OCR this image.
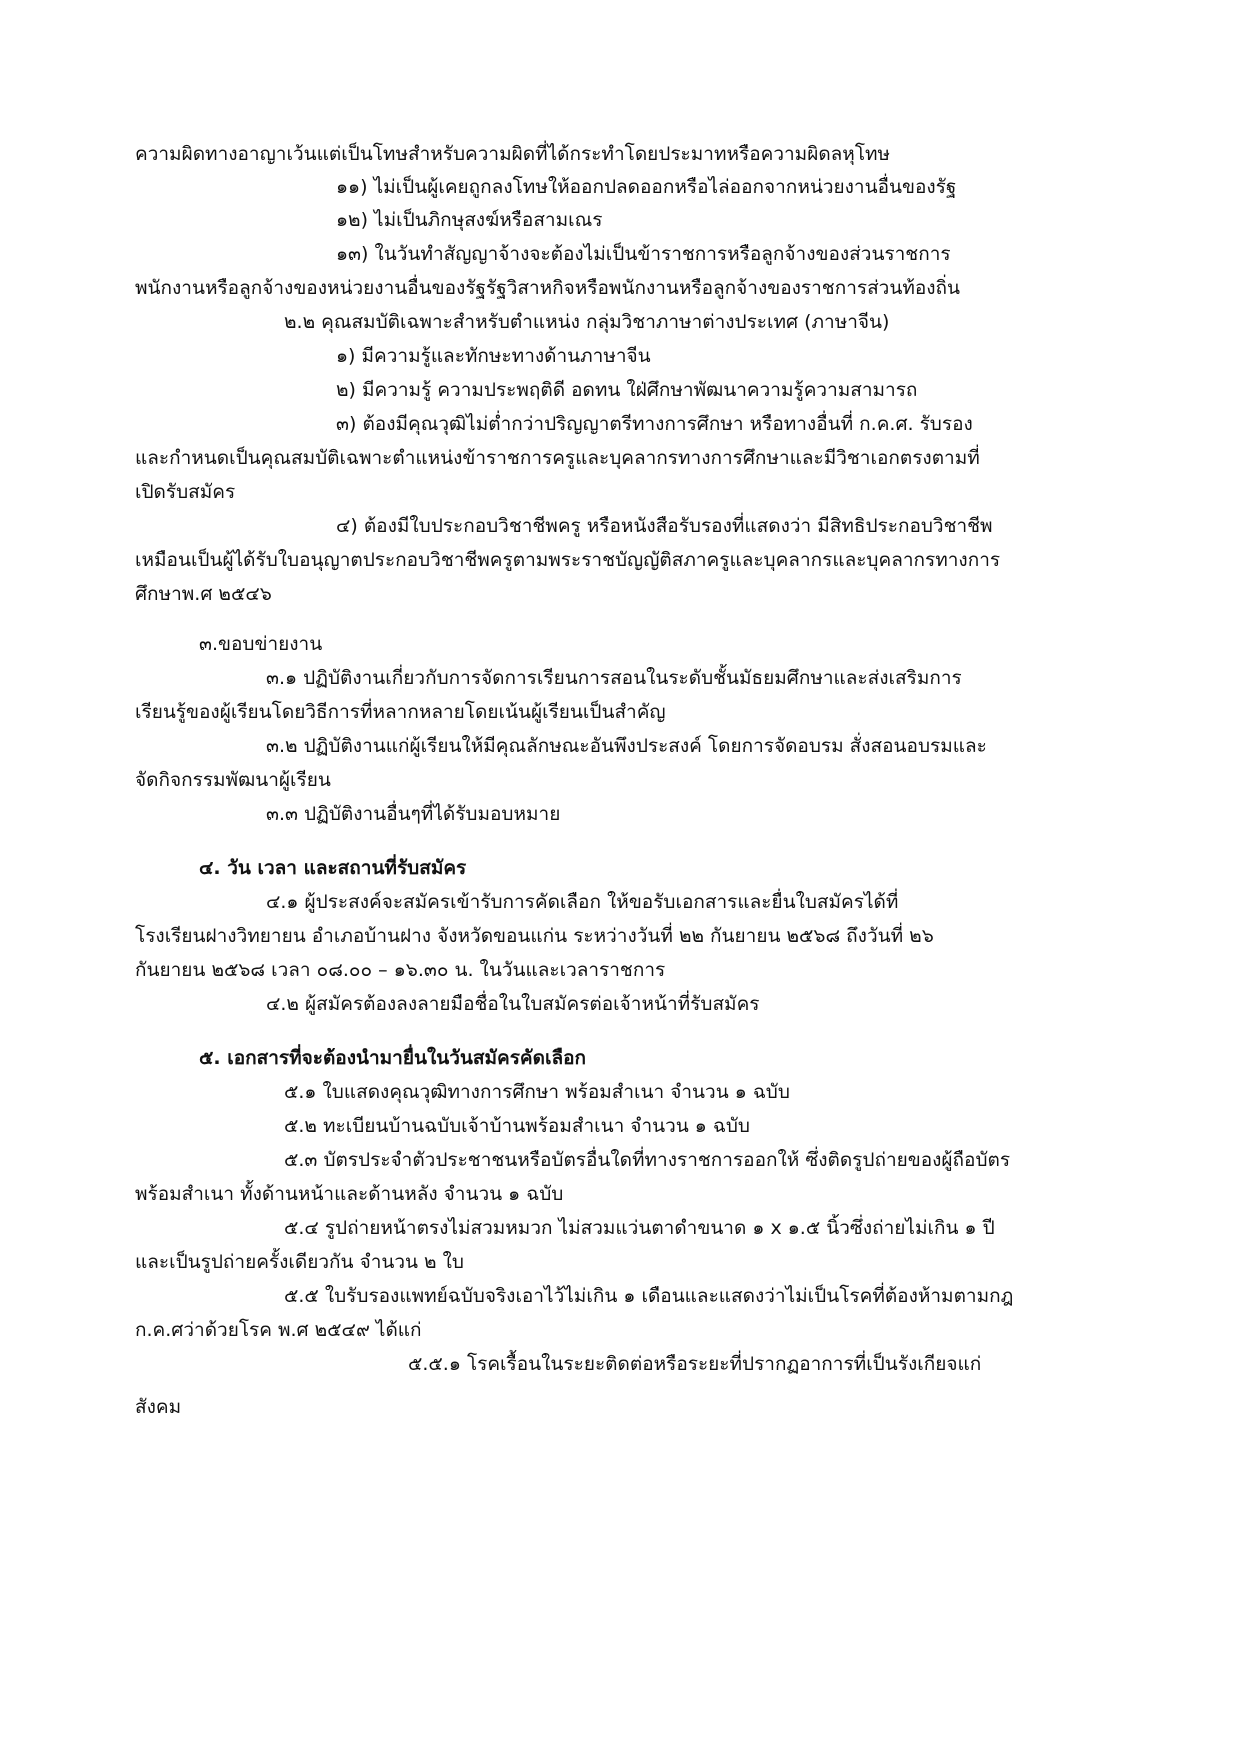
ความผิดทางอาญาเว้นแต่เป็นโทษสำหรับความผิดที่ได้กระทำโดยประมาทหรือความผิดลหุโทษ

๑๑) ไม่เป็นผู้เคยถูกลงโทษให้ออกปลดออกหรือไล่ออกจากหน่วยงานอื่นของรัฐ

๑๒) ไม่เป็นภิกษุสงฆ์หรือสามเณร

๑๓) ในวันทำสัญญาจ้างจะต้องไม่เป็นข้าราชการหรือลูกจ้างของส่วนราชการ

พนักงานหรือลูกจ้างของหน่วยงานอื่นของรัฐรัฐวิสาหกิจหรือพนักงานหรือลูกจ้างของราชการส่วนท้องถิ่น

๒.๒ คุณสมบัติเฉพาะสำหรับตำแหน่ง กลุ่มวิชาภาษาต่างประเทศ (ภาษาจีน)

๑) มีความรู้และทักษะทางด้านภาษาจีน

๒) มีความรู้ ความประพฤติดี อดทน ใฝ่ศึกษาพัฒนาความรู้ความสามารถ

๓) ต้องมีคุณวุฒิไม่ต่ำกว่าปริญญาตรีทางการศึกษา หรือทางอื่นที่ ก.ค.ศ. รับรอง

และกำหนดเป็นคุณสมบัติเฉพาะตำแหน่งข้าราชการครูและบุคลากรทางการศึกษาและมีวิชาเอกตรงตามที่

เปิดรับสมัคร

๔) ต้องมีใบประกอบวิชาชีพครู หรือหนังสือรับรองที่แสดงว่า มีสิทธิประกอบวิชาชีพ

เหมือนเป็นผู้ได้รับใบอนุญาตประกอบวิชาชีพครูตามพระราชบัญญัติสภาครูและบุคลากรและบุคลากรทางการ

ศึกษาพ.ศ ๒๕๔๖

๓.ขอบข่ายงาน

๓.๑ ปฏิบัติงานเกี่ยวกับการจัดการเรียนการสอนในระดับชั้นมัธยมศึกษาและส่งเสริมการ

เรียนรู้ของผู้เรียนโดยวิธีการที่หลากหลายโดยเน้นผู้เรียนเป็นสำคัญ

๓.๒ ปฏิบัติงานแก่ผู้เรียนให้มีคุณลักษณะอันพึงประสงค์ โดยการจัดอบรม สั่งสอนอบรมและ

จัดกิจกรรมพัฒนาผู้เรียน

๓.๓ ปฏิบัติงานอื่นๆที่ได้รับมอบหมาย

๔. วัน เวลา และสถานที่รับสมัคร

๔.๑ ผู้ประสงค์จะสมัครเข้ารับการคัดเลือก ให้ขอรับเอกสารและยื่นใบสมัครได้ที่

โรงเรียนฝางวิทยายน อำเภอบ้านฝาง จังหวัดขอนแก่น ระหว่างวันที่ ๒๒ กันยายน ๒๕๖๘ ถึงวันที่ ๒๖

กันยายน ๒๕๖๘ เวลา ๐๘.๐๐ – ๑๖.๓๐ น. ในวันและเวลาราชการ

๔.๒ ผู้สมัครต้องลงลายมือชื่อในใบสมัครต่อเจ้าหน้าที่รับสมัคร

๕. เอกสารที่จะต้องนำมายื่นในวันสมัครคัดเลือก

๕.๑ ใบแสดงคุณวุฒิทางการศึกษา พร้อมสำเนา จำนวน ๑ ฉบับ

๕.๒ ทะเบียนบ้านฉบับเจ้าบ้านพร้อมสำเนา จำนวน ๑ ฉบับ

๕.๓ บัตรประจำตัวประชาชนหรือบัตรอื่นใดที่ทางราชการออกให้ ซึ่งติดรูปถ่ายของผู้ถือบัตร

พร้อมสำเนา ทั้งด้านหน้าและด้านหลัง จำนวน ๑ ฉบับ

๕.๔ รูปถ่ายหน้าตรงไม่สวมหมวก ไม่สวมแว่นตาดำขนาด ๑ x ๑.๕ นิ้วซึ่งถ่ายไม่เกิน ๑ ปี

และเป็นรูปถ่ายครั้งเดียวกัน จำนวน ๒ ใบ

๕.๕ ใบรับรองแพทย์ฉบับจริงเอาไว้ไม่เกิน ๑ เดือนและแสดงว่าไม่เป็นโรคที่ต้องห้ามตามกฎ

ก.ค.ศว่าด้วยโรค พ.ศ ๒๕๔๙ ได้แก่

๕.๕.๑ โรคเรื้อนในระยะติดต่อหรือระยะที่ปรากฏอาการที่เป็นรังเกียจแก่

สังคม
